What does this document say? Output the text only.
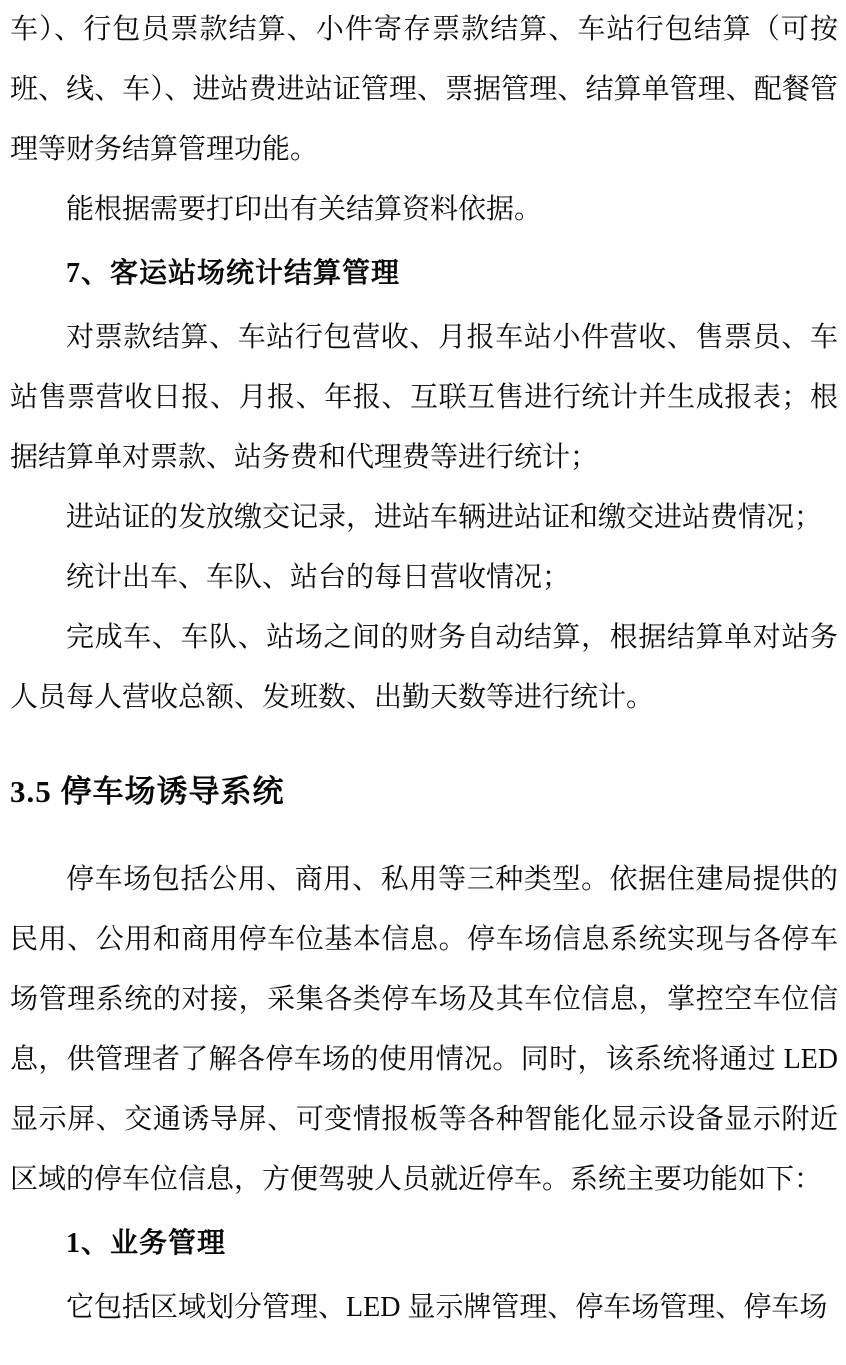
车）、行包员票款结算、小件寄存票款结算、车站行包结算（可按班、线、车）、进站费进站证管理、票据管理、结算单管理、配餐管理等财务结算管理功能。

能根据需要打印出有关结算资料依据。

7、客运站场统计结算管理

对票款结算、车站行包营收、月报车站小件营收、售票员、车站售票营收日报、月报、年报、互联互售进行统计并生成报表；根据结算单对票款、站务费和代理费等进行统计；

进站证的发放缴交记录，进站车辆进站证和缴交进站费情况；

统计出车、车队、站台的每日营收情况；

完成车、车队、站场之间的财务自动结算，根据结算单对站务人员每人营收总额、发班数、出勤天数等进行统计。

3.5 停车场诱导系统

停车场包括公用、商用、私用等三种类型。依据住建局提供的民用、公用和商用停车位基本信息。停车场信息系统实现与各停车场管理系统的对接，采集各类停车场及其车位信息，掌控空车位信息，供管理者了解各停车场的使用情况。同时，该系统将通过 LED 显示屏、交通诱导屏、可变情报板等各种智能化显示设备显示附近区域的停车位信息，方便驾驶人员就近停车。系统主要功能如下：

1、业务管理

它包括区域划分管理、LED 显示牌管理、停车场管理、停车场
